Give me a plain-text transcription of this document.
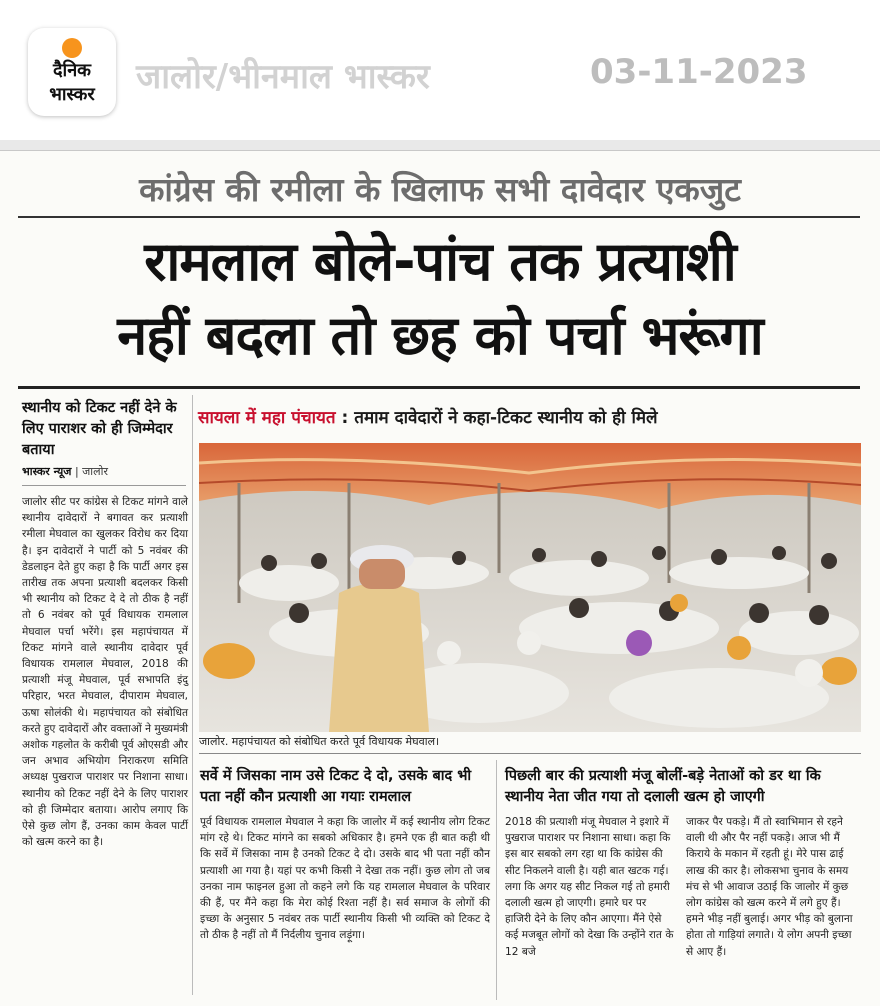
दैनिक
भास्कर	जालोर/भीनमाल भास्कर	03-11-2023
कांग्रेस की रमीला के खिलाफ सभी दावेदार एकजुट
रामलाल बोले-पांच तक प्रत्याशी
नहीं बदला तो छह को पर्चा भरूंगा
स्थानीय को टिकट नहीं देने के लिए पाराशर को ही जिम्मेदार बताया
भास्कर न्यूज | जालोर
जालोर सीट पर कांग्रेस से टिकट मांगने वाले स्थानीय दावेदारों ने बगावत कर प्रत्याशी रमीला मेघवाल का खुलकर विरोध कर दिया है। इन दावेदारों ने पार्टी को 5 नवंबर की डेडलाइन देते हुए कहा है कि पार्टी अगर इस तारीख तक अपना प्रत्याशी बदलकर किसी भी स्थानीय को टिकट दे दे तो ठीक है नहीं तो 6 नवंबर को पूर्व विधायक रामलाल मेघवाल पर्चा भरेंगे। इस महापंचायत में टिकट मांगने वाले स्थानीय दावेदार पूर्व विधायक रामलाल मेघवाल, 2018 की प्रत्याशी मंजू मेघवाल, पूर्व सभापति इंदु परिहार, भरत मेघवाल, दीपाराम मेघवाल, ऊषा सोलंकी थे। महापंचायत को संबोधित करते हुए दावेदारों और वक्ताओं ने मुख्यमंत्री अशोक गहलोत के करीबी पूर्व ओएसडी और जन अभाव अभियोग निराकरण समिति अध्यक्ष पुखराज पाराशर पर निशाना साधा। स्थानीय को टिकट नहीं देने के लिए पाराशर को ही जिम्मेदार बताया। आरोप लगाए कि ऐसे कुछ लोग हैं, उनका काम केवल पार्टी को खत्म करने का है।
सायला में महा पंचायत : तमाम दावेदारों ने कहा-टिकट स्थानीय को ही मिले
जालोर. महापंचायत को संबोधित करते पूर्व विधायक मेघवाल।
सर्वे में जिसका नाम उसे टिकट दे दो, उसके बाद भी पता नहीं कौन प्रत्याशी आ गयाः रामलाल
पिछली बार की प्रत्याशी मंजू बोलीं-बड़े नेताओं को डर था कि स्थानीय नेता जीत गया तो दलाली खत्म हो जाएगी
पूर्व विधायक रामलाल मेघवाल ने कहा कि जालोर में कई स्थानीय लोग टिकट मांग रहे थे। टिकट मांगने का सबको अधिकार है। हमने एक ही बात कही थी कि सर्वे में जिसका नाम है उनको टिकट दे दो। उसके बाद भी पता नहीं कौन प्रत्याशी आ गया है। यहां पर कभी किसी ने देखा तक नहीं। कुछ लोग तो जब उनका नाम फाइनल हुआ तो कहने लगे कि यह रामलाल मेघवाल के परिवार की हैं, पर मैंने कहा कि मेरा कोई रिश्ता नहीं है। सर्व समाज के लोगों की इच्छा के अनुसार 5 नवंबर तक पार्टी स्थानीय किसी भी व्यक्ति को टिकट दे तो ठीक है नहीं तो मैं निर्दलीय चुनाव लड़ूंगा।
2018 की प्रत्याशी मंजू मेघवाल ने इशारे में पुखराज पाराशर पर निशाना साधा। कहा कि इस बार सबको लग रहा था कि कांग्रेस की सीट निकलने वाली है। यही बात खटक गई। लगा कि अगर यह सीट निकल गई तो हमारी दलाली खत्म हो जाएगी। हमारे घर पर हाजिरी देने के लिए कौन आएगा। मैंने ऐसे कई मजबूत लोगों को देखा कि उन्होंने रात के 12 बजे
जाकर पैर पकड़े। मैं तो स्वाभिमान से रहने वाली थी और पैर नहीं पकड़े। आज भी मैं किराये के मकान में रहती हूं। मेरे पास ढाई लाख की कार है। लोकसभा चुनाव के समय मंच से भी आवाज उठाई कि जालोर में कुछ लोग कांग्रेस को खत्म करने में लगे हुए हैं। हमने भीड़ नहीं बुलाई। अगर भीड़ को बुलाना होता तो गाड़ियां लगाते। ये लोग अपनी इच्छा से आए हैं।
